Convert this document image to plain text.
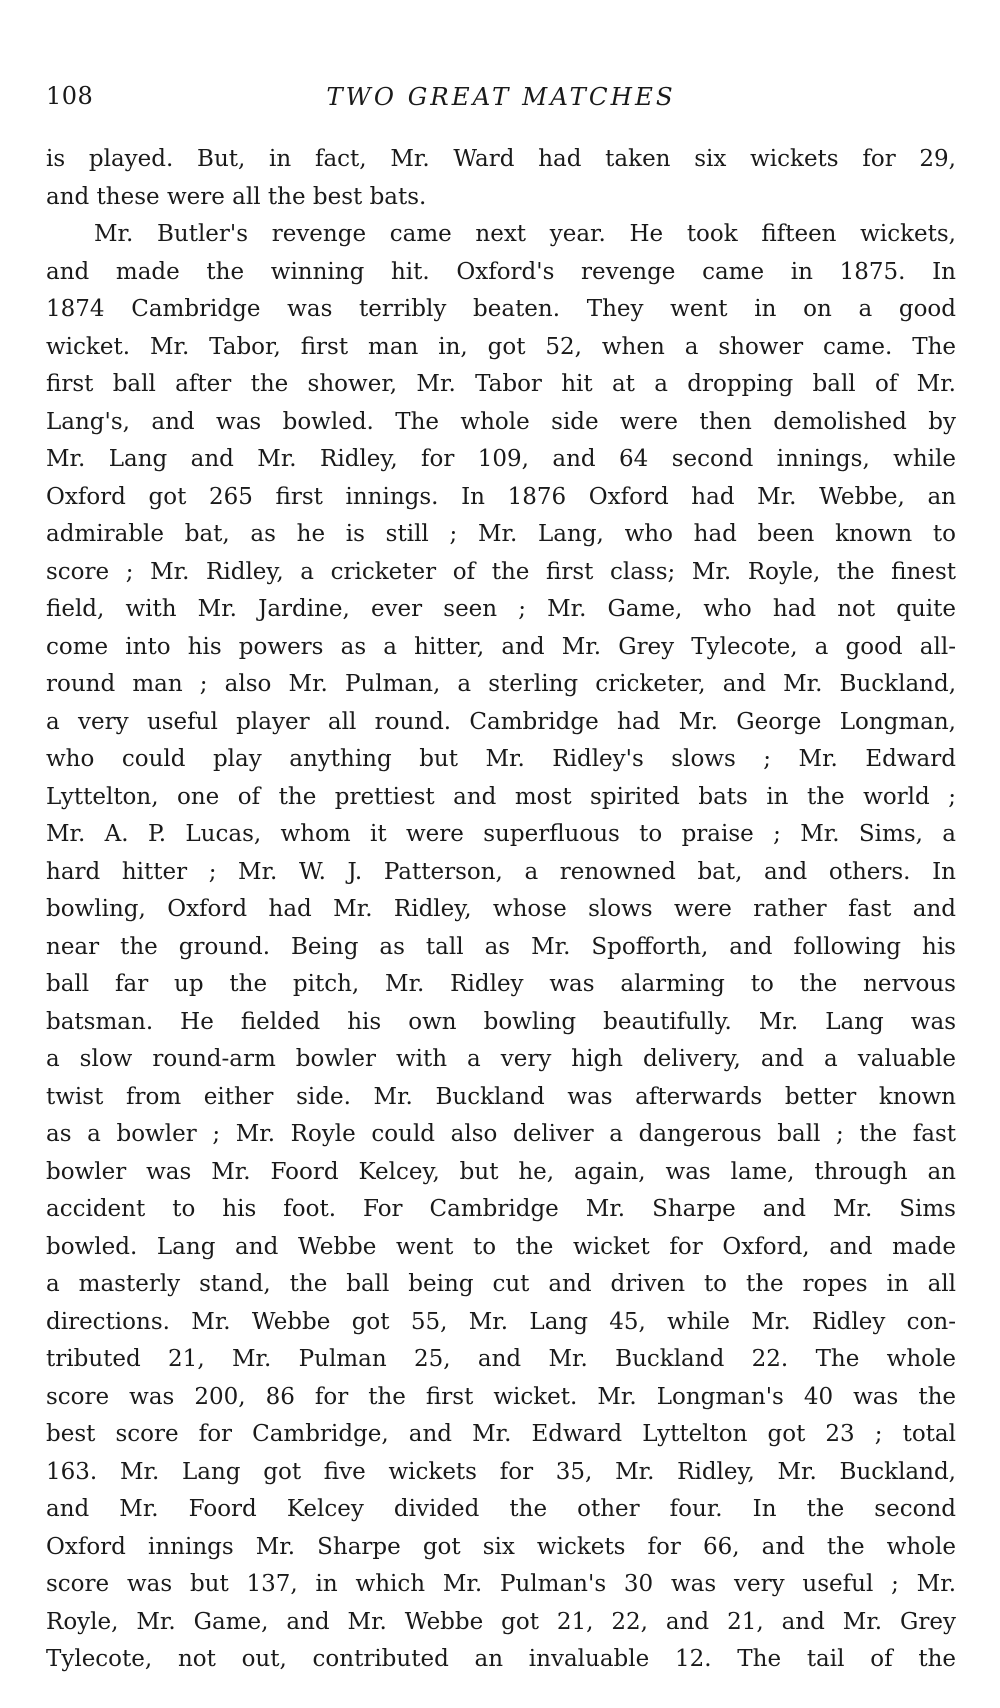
108	TWO GREAT MATCHES
is played. But, in fact, Mr. Ward had taken six wickets for 29,
and these were all the best bats.
Mr. Butler's revenge came next year. He took fifteen wickets,
and made the winning hit. Oxford's revenge came in 1875. In
1874 Cambridge was terribly beaten. They went in on a good
wicket. Mr. Tabor, first man in, got 52, when a shower came. The
first ball after the shower, Mr. Tabor hit at a dropping ball of Mr.
Lang's, and was bowled. The whole side were then demolished by
Mr. Lang and Mr. Ridley, for 109, and 64 second innings, while
Oxford got 265 first innings. In 1876 Oxford had Mr. Webbe, an
admirable bat, as he is still ; Mr. Lang, who had been known to
score ; Mr. Ridley, a cricketer of the first class; Mr. Royle, the finest
field, with Mr. Jardine, ever seen ; Mr. Game, who had not quite
come into his powers as a hitter, and Mr. Grey Tylecote, a good all-
round man ; also Mr. Pulman, a sterling cricketer, and Mr. Buckland,
a very useful player all round. Cambridge had Mr. George Longman,
who could play anything but Mr. Ridley's slows ; Mr. Edward
Lyttelton, one of the prettiest and most spirited bats in the world ;
Mr. A. P. Lucas, whom it were superfluous to praise ; Mr. Sims, a
hard hitter ; Mr. W. J. Patterson, a renowned bat, and others. In
bowling, Oxford had Mr. Ridley, whose slows were rather fast and
near the ground. Being as tall as Mr. Spofforth, and following his
ball far up the pitch, Mr. Ridley was alarming to the nervous
batsman. He fielded his own bowling beautifully. Mr. Lang was
a slow round-arm bowler with a very high delivery, and a valuable
twist from either side. Mr. Buckland was afterwards better known
as a bowler ; Mr. Royle could also deliver a dangerous ball ; the fast
bowler was Mr. Foord Kelcey, but he, again, was lame, through an
accident to his foot. For Cambridge Mr. Sharpe and Mr. Sims
bowled. Lang and Webbe went to the wicket for Oxford, and made
a masterly stand, the ball being cut and driven to the ropes in all
directions. Mr. Webbe got 55, Mr. Lang 45, while Mr. Ridley con-
tributed 21, Mr. Pulman 25, and Mr. Buckland 22. The whole
score was 200, 86 for the first wicket. Mr. Longman's 40 was the
best score for Cambridge, and Mr. Edward Lyttelton got 23 ; total
163. Mr. Lang got five wickets for 35, Mr. Ridley, Mr. Buckland,
and Mr. Foord Kelcey divided the other four. In the second
Oxford innings Mr. Sharpe got six wickets for 66, and the whole
score was but 137, in which Mr. Pulman's 30 was very useful ; Mr.
Royle, Mr. Game, and Mr. Webbe got 21, 22, and 21, and Mr. Grey
Tylecote, not out, contributed an invaluable 12. The tail of the
